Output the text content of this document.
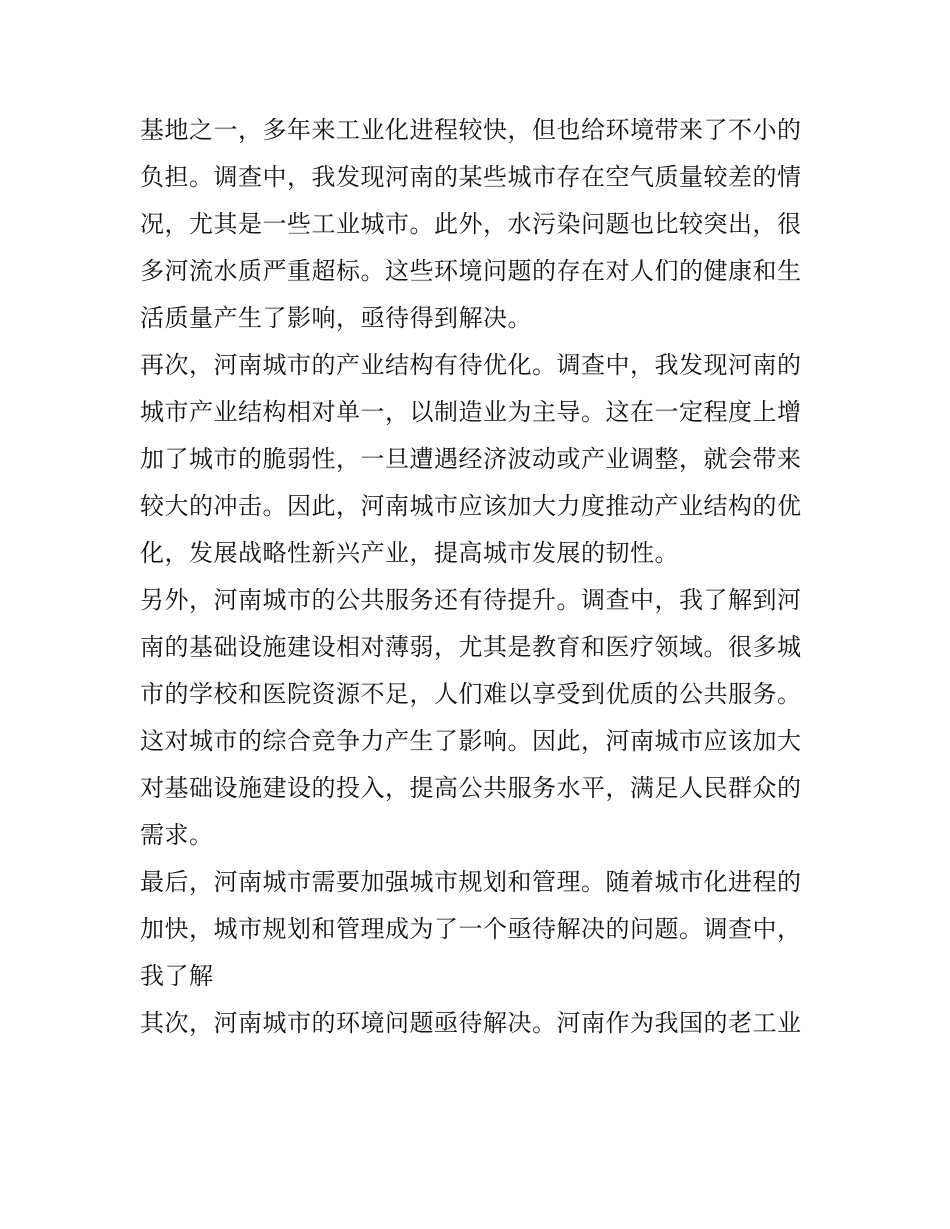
基地之一，多年来工业化进程较快，但也给环境带来了不小的
负担。调查中，我发现河南的某些城市存在空气质量较差的情
况，尤其是一些工业城市。此外，水污染问题也比较突出，很
多河流水质严重超标。这些环境问题的存在对人们的健康和生
活质量产生了影响，亟待得到解决。
再次，河南城市的产业结构有待优化。调查中，我发现河南的
城市产业结构相对单一，以制造业为主导。这在一定程度上增
加了城市的脆弱性，一旦遭遇经济波动或产业调整，就会带来
较大的冲击。因此，河南城市应该加大力度推动产业结构的优
化，发展战略性新兴产业，提高城市发展的韧性。
另外，河南城市的公共服务还有待提升。调查中，我了解到河
南的基础设施建设相对薄弱，尤其是教育和医疗领域。很多城
市的学校和医院资源不足，人们难以享受到优质的公共服务。
这对城市的综合竞争力产生了影响。因此，河南城市应该加大
对基础设施建设的投入，提高公共服务水平，满足人民群众的
需求。
最后，河南城市需要加强城市规划和管理。随着城市化进程的
加快，城市规划和管理成为了一个亟待解决的问题。调查中，
我了解
其次，河南城市的环境问题亟待解决。河南作为我国的老工业
